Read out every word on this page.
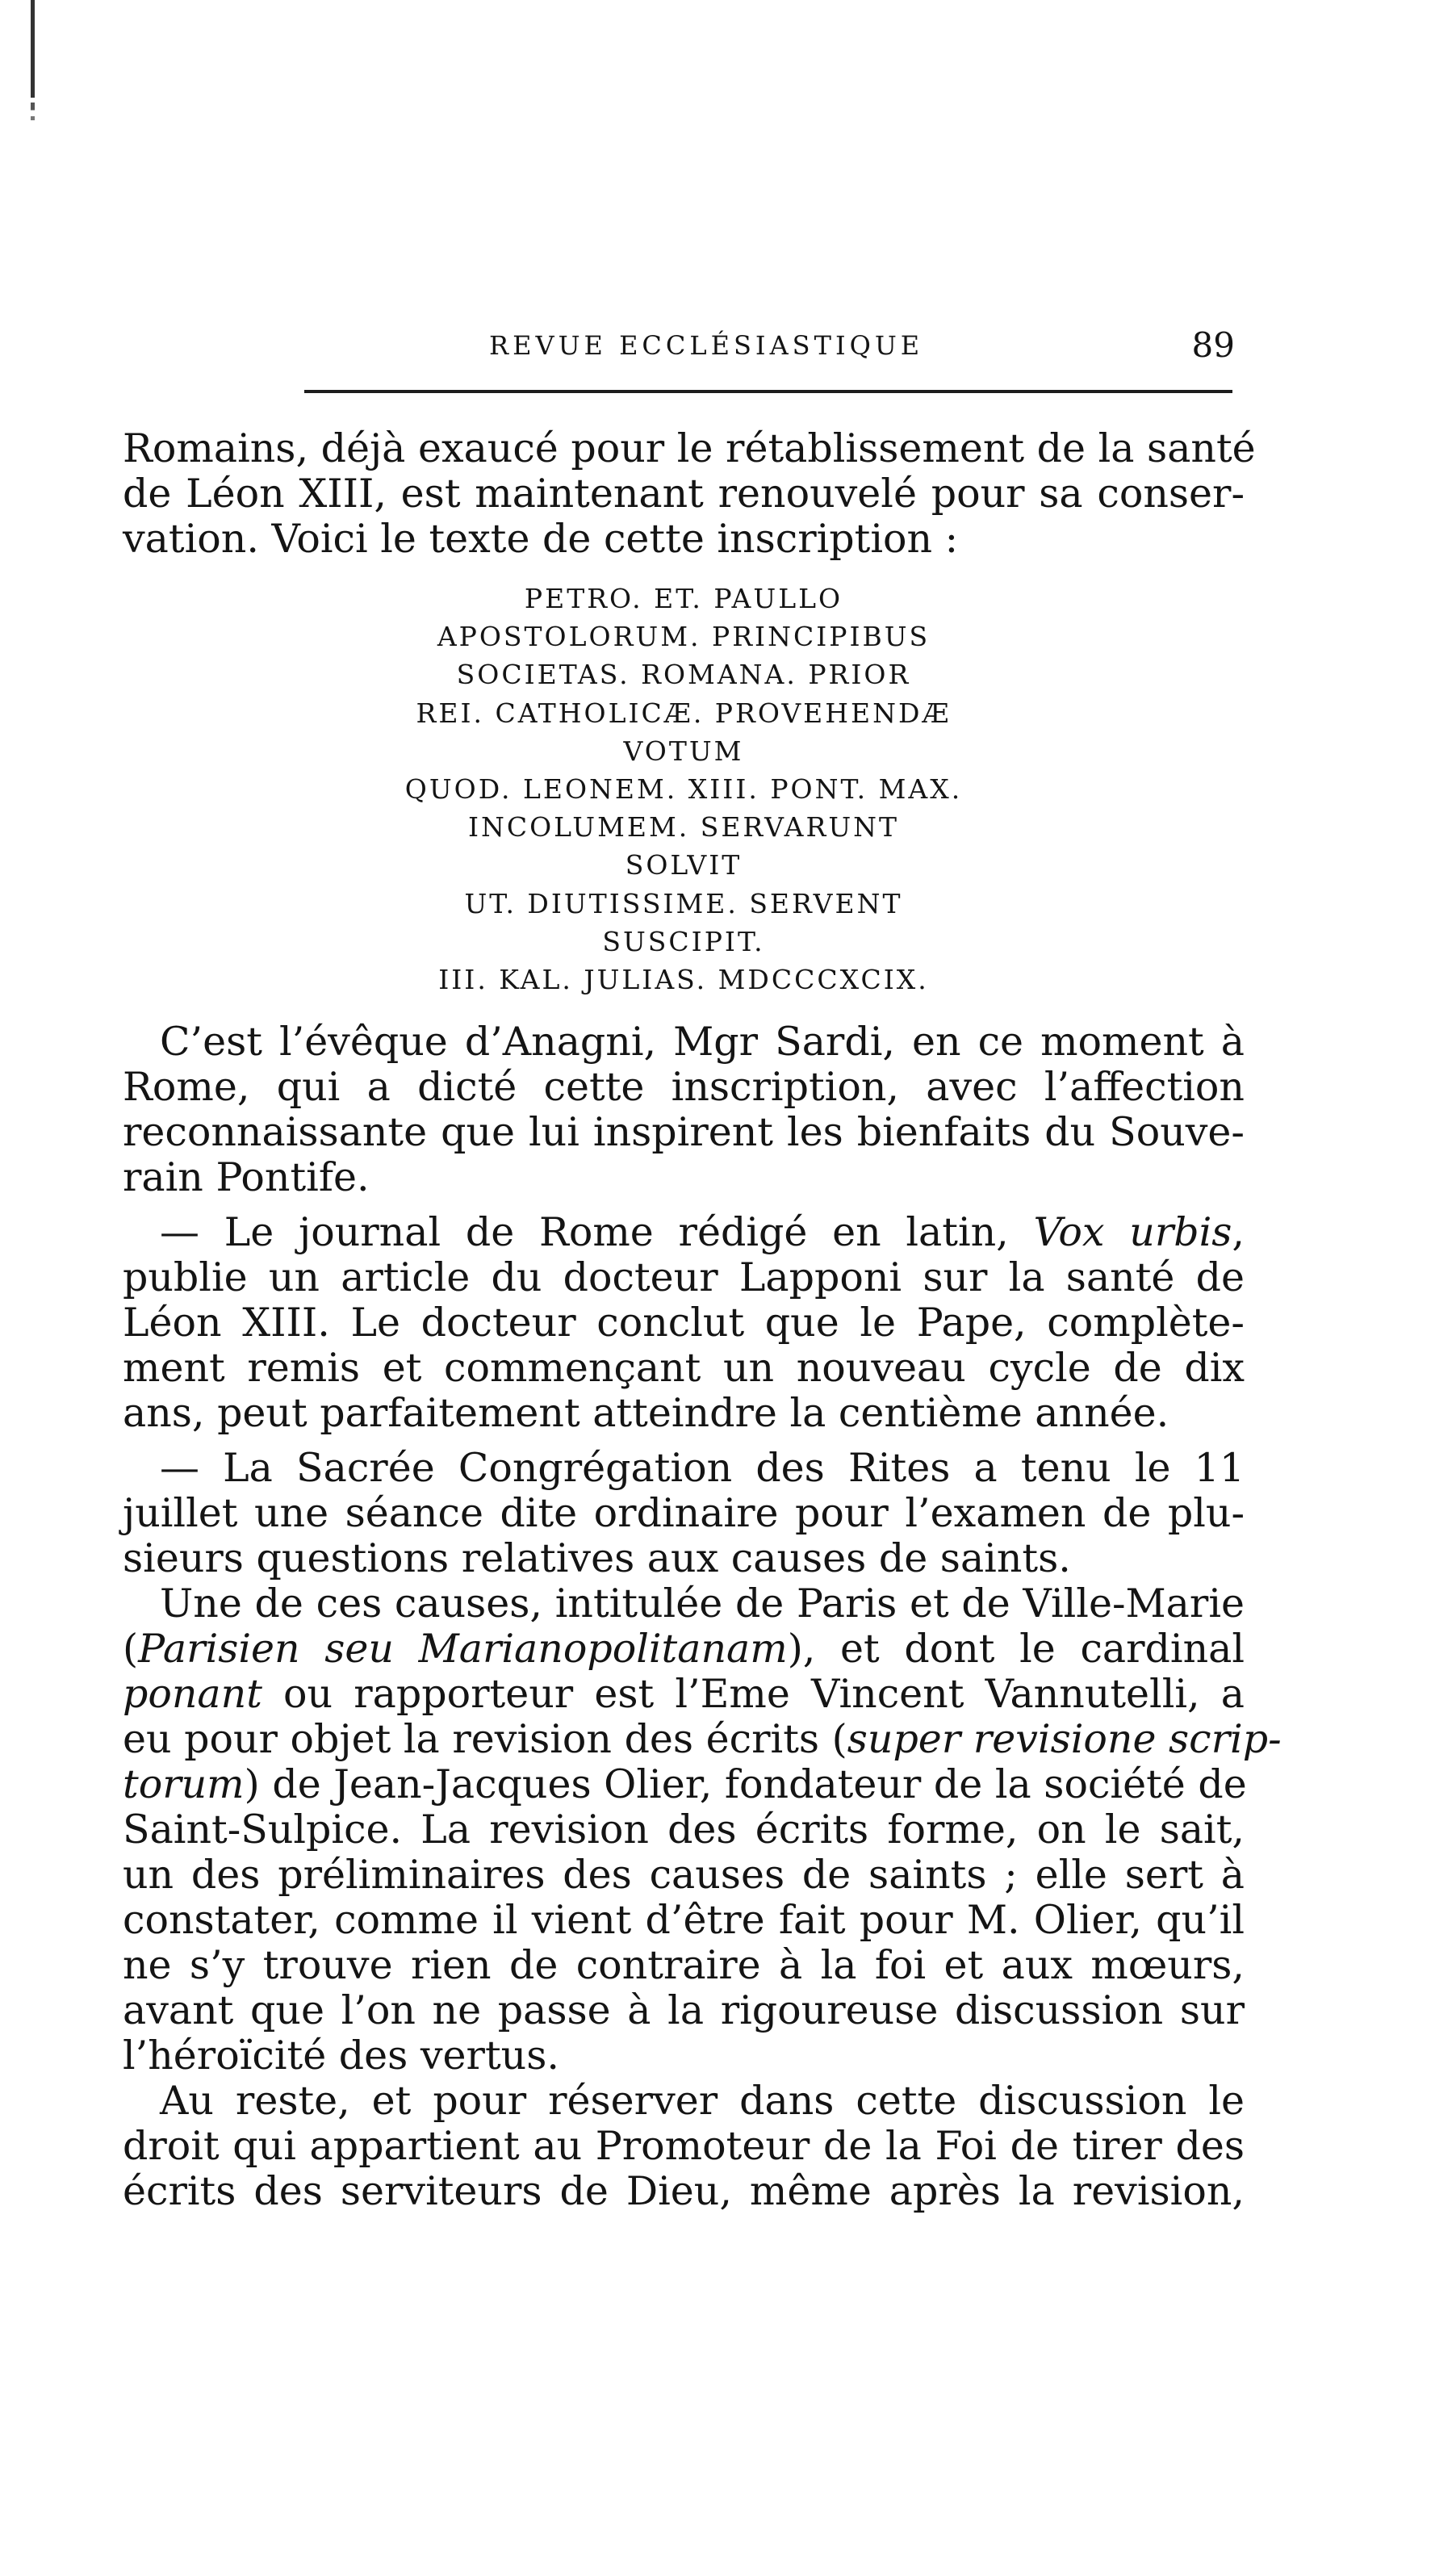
REVUE ECCLÉSIASTIQUE	89

Romains, déjà exaucé pour le rétablissement de la santé
de Léon XIII, est maintenant renouvelé pour sa conser-
vation. Voici le texte de cette inscription :

PETRO. ET. PAULLO
APOSTOLORUM. PRINCIPIBUS
SOCIETAS. ROMANA. PRIOR
REI. CATHOLICÆ. PROVEHENDÆ
VOTUM
QUOD. LEONEM. XIII. PONT. MAX.
INCOLUMEM. SERVARUNT
SOLVIT
UT. DIUTISSIME. SERVENT
SUSCIPIT.
III. KAL. JULIAS. MDCCCXCIX.

C’est l’évêque d’Anagni, Mgr Sardi, en ce moment à
Rome, qui a dicté cette inscription, avec l’affection
reconnaissante que lui inspirent les bienfaits du Souve-
rain Pontife.

— Le journal de Rome rédigé en latin, Vox urbis,
publie un article du docteur Lapponi sur la santé de
Léon XIII. Le docteur conclut que le Pape, complète-
ment remis et commençant un nouveau cycle de dix
ans, peut parfaitement atteindre la centième année.

— La Sacrée Congrégation des Rites a tenu le 11
juillet une séance dite ordinaire pour l’examen de plu-
sieurs questions relatives aux causes de saints.

Une de ces causes, intitulée de Paris et de Ville-Marie
(Parisien seu Marianopolitanam), et dont le cardinal
ponant ou rapporteur est l’Eme Vincent Vannutelli, a
eu pour objet la revision des écrits (super revisione scrip-
torum) de Jean-Jacques Olier, fondateur de la société de
Saint-Sulpice. La revision des écrits forme, on le sait,
un des préliminaires des causes de saints ; elle sert à
constater, comme il vient d’être fait pour M. Olier, qu’il
ne s’y trouve rien de contraire à la foi et aux mœurs,
avant que l’on ne passe à la rigoureuse discussion sur
l’héroïcité des vertus.

Au reste, et pour réserver dans cette discussion le
droit qui appartient au Promoteur de la Foi de tirer des
écrits des serviteurs de Dieu, même après la revision,
